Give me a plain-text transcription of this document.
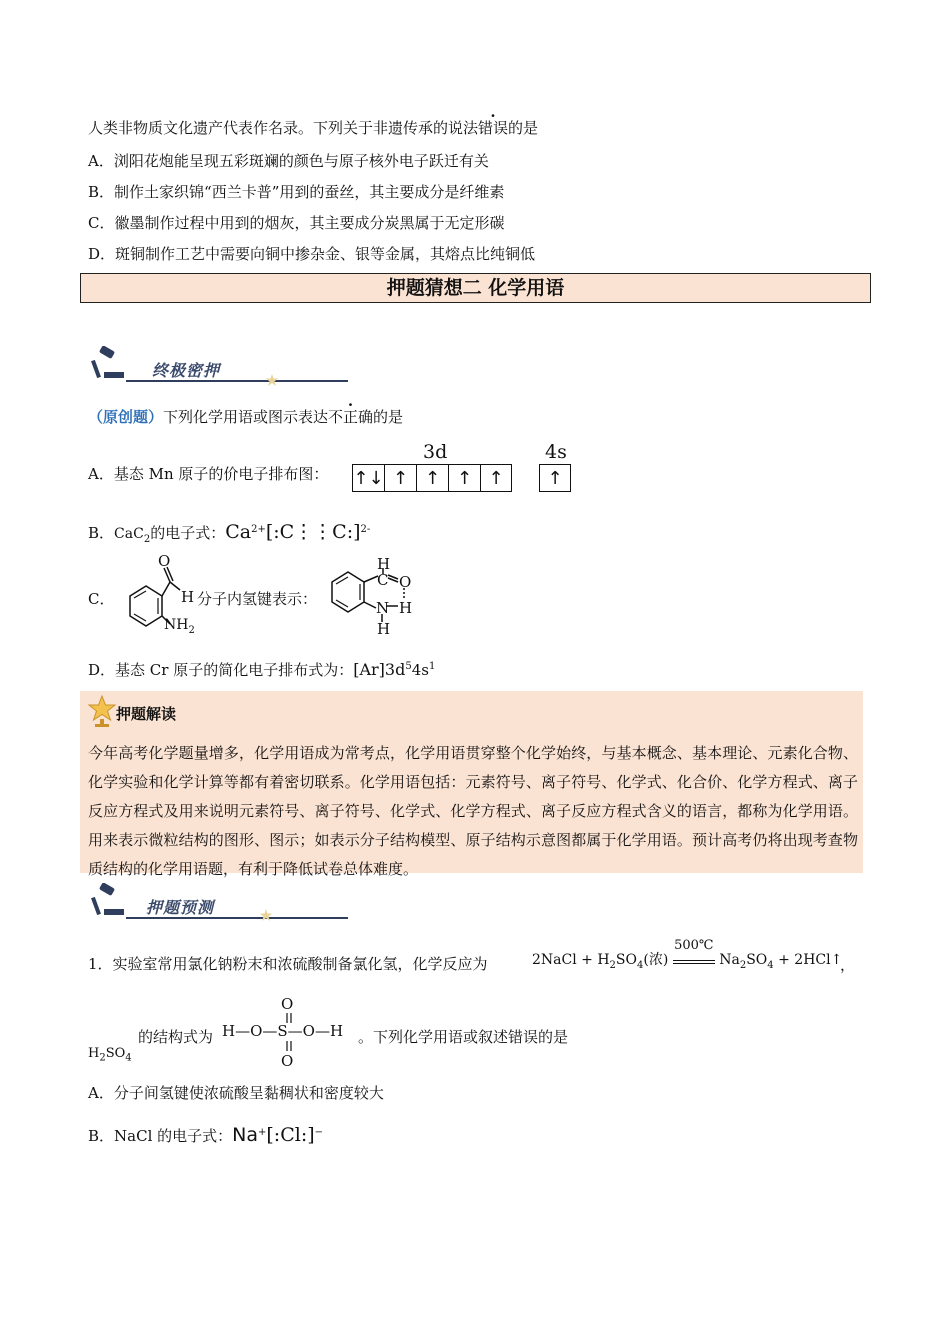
人类非物质文化遗产代表作名录。下列关于非遗传承的说法错误的是
A．浏阳花炮能呈现五彩斑斓的颜色与原子核外电子跃迁有关
B．制作土家织锦“西兰卡普”用到的蚕丝，其主要成分是纤维素
C．徽墨制作过程中用到的烟灰，其主要成分炭黑属于无定形碳
D．斑铜制作工艺中需要向铜中掺杂金、银等金属，其熔点比纯铜低
押题猜想二 化学用语
终极密押
（原创题）下列化学用语或图示表达不正确的是
A．基态 Mn 原子的价电子排布图：
3d	4s
↑↓ ↑ ↑ ↑ ↑	↑
B．CaC$_2$的电子式：$Ca^{2+}[:C⋮⋮C:]^{2-}$
C．
O
H
$NH_2$
分子内氢键表示：
H
C O
N H
H
D．基态 Cr 原子的简化电子排布式为：$[Ar]3d^54s^1$
押题解读
今年高考化学题量增多，化学用语成为常考点，化学用语贯穿整个化学始终，与基本概念、基本理论、元素化合物、化学实验和化学计算等都有着密切联系。化学用语包括：元素符号、离子符号、化学式、化合价、化学方程式、离子反应方程式及用来说明元素符号、离子符号、化学式、化学方程式、离子反应方程式含义的语言，都称为化学用语。用来表示微粒结构的图形、图示；如表示分子结构模型、原子结构示意图都属于化学用语。预计高考仍将出现考查物质结构的化学用语题，有利于降低试卷总体难度。
押题预测
1．实验室常用氯化钠粉末和浓硫酸制备氯化氢，化学反应为	2NaCl + $H_2SO_4$(浓)
500℃
$Na_2SO_4$ + 2HCl↑
，
$H_2SO_4$
的结构式为
O
H—O—S—O—H
O
。下列化学用语或叙述错误的是
A．分子间氢键使浓硫酸呈黏稠状和密度较大
B．NaCl 的电子式：Na+[:Cl:]−
